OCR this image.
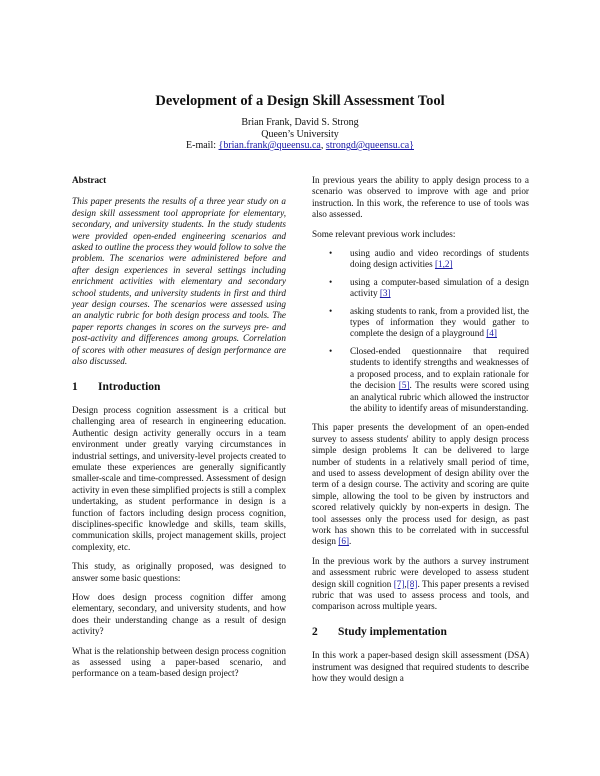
Development of a Design Skill Assessment Tool
Brian Frank, David S. Strong
Queen’s University
E-mail: {brian.frank@queensu.ca, strongd@queensu.ca}
Abstract
This paper presents the results of a three year study on a design skill assessment tool appropriate for elementary, secondary, and university students. In the study students were provided open-ended engineering scenarios and asked to outline the process they would follow to solve the problem. The scenarios were administered before and after design experiences in several settings including enrichment activities with elementary and secondary school students, and university students in first and third year design courses. The scenarios were assessed using an analytic rubric for both design process and tools. The paper reports changes in scores on the surveys pre- and post-activity and differences among groups. Correlation of scores with other measures of design performance are also discussed.
1 Introduction

Design process cognition assessment is a critical but challenging area of research in engineering education. Authentic design activity generally occurs in a team environment under greatly varying circumstances in industrial settings, and university-level projects created to emulate these experiences are generally significantly smaller-scale and time-compressed. Assessment of design activity in even these simplified projects is still a complex undertaking, as student performance in design is a function of factors including design process cognition, disciplines-specific knowledge and skills, team skills, communication skills, project management skills, project complexity, etc.

This study, as originally proposed, was designed to answer some basic questions:

How does design process cognition differ among elementary, secondary, and university students, and how does their understanding change as a result of design activity?

What is the relationship between design process cognition as assessed using a paper-based scenario, and performance on a team-based design project?

In previous years the ability to apply design process to a scenario was observed to improve with age and prior instruction. In this work, the reference to use of tools was also assessed.

Some relevant previous work includes:

• using audio and video recordings of students doing design activities [1,2]
• using a computer-based simulation of a design activity [3]
• asking students to rank, from a provided list, the types of information they would gather to complete the design of a playground [4]
• Closed-ended questionnaire that required students to identify strengths and weaknesses of a proposed process, and to explain rationale for the decision [5]. The results were scored using an analytical rubric which allowed the instructor the ability to identify areas of misunderstanding.

This paper presents the development of an open-ended survey to assess students' ability to apply design process simple design problems It can be delivered to large number of students in a relatively small period of time, and used to assess development of design ability over the term of a design course. The activity and scoring are quite simple, allowing the tool to be given by instructors and scored relatively quickly by non-experts in design. The tool assesses only the process used for design, as past work has shown this to be correlated with in successful design [6].

In the previous work by the authors a survey instrument and assessment rubric were developed to assess student design skill cognition [7],[8]. This paper presents a revised rubric that was used to assess process and tools, and comparison across multiple years.

2 Study implementation

In this work a paper-based design skill assessment (DSA) instrument was designed that required students to describe how they would design a
